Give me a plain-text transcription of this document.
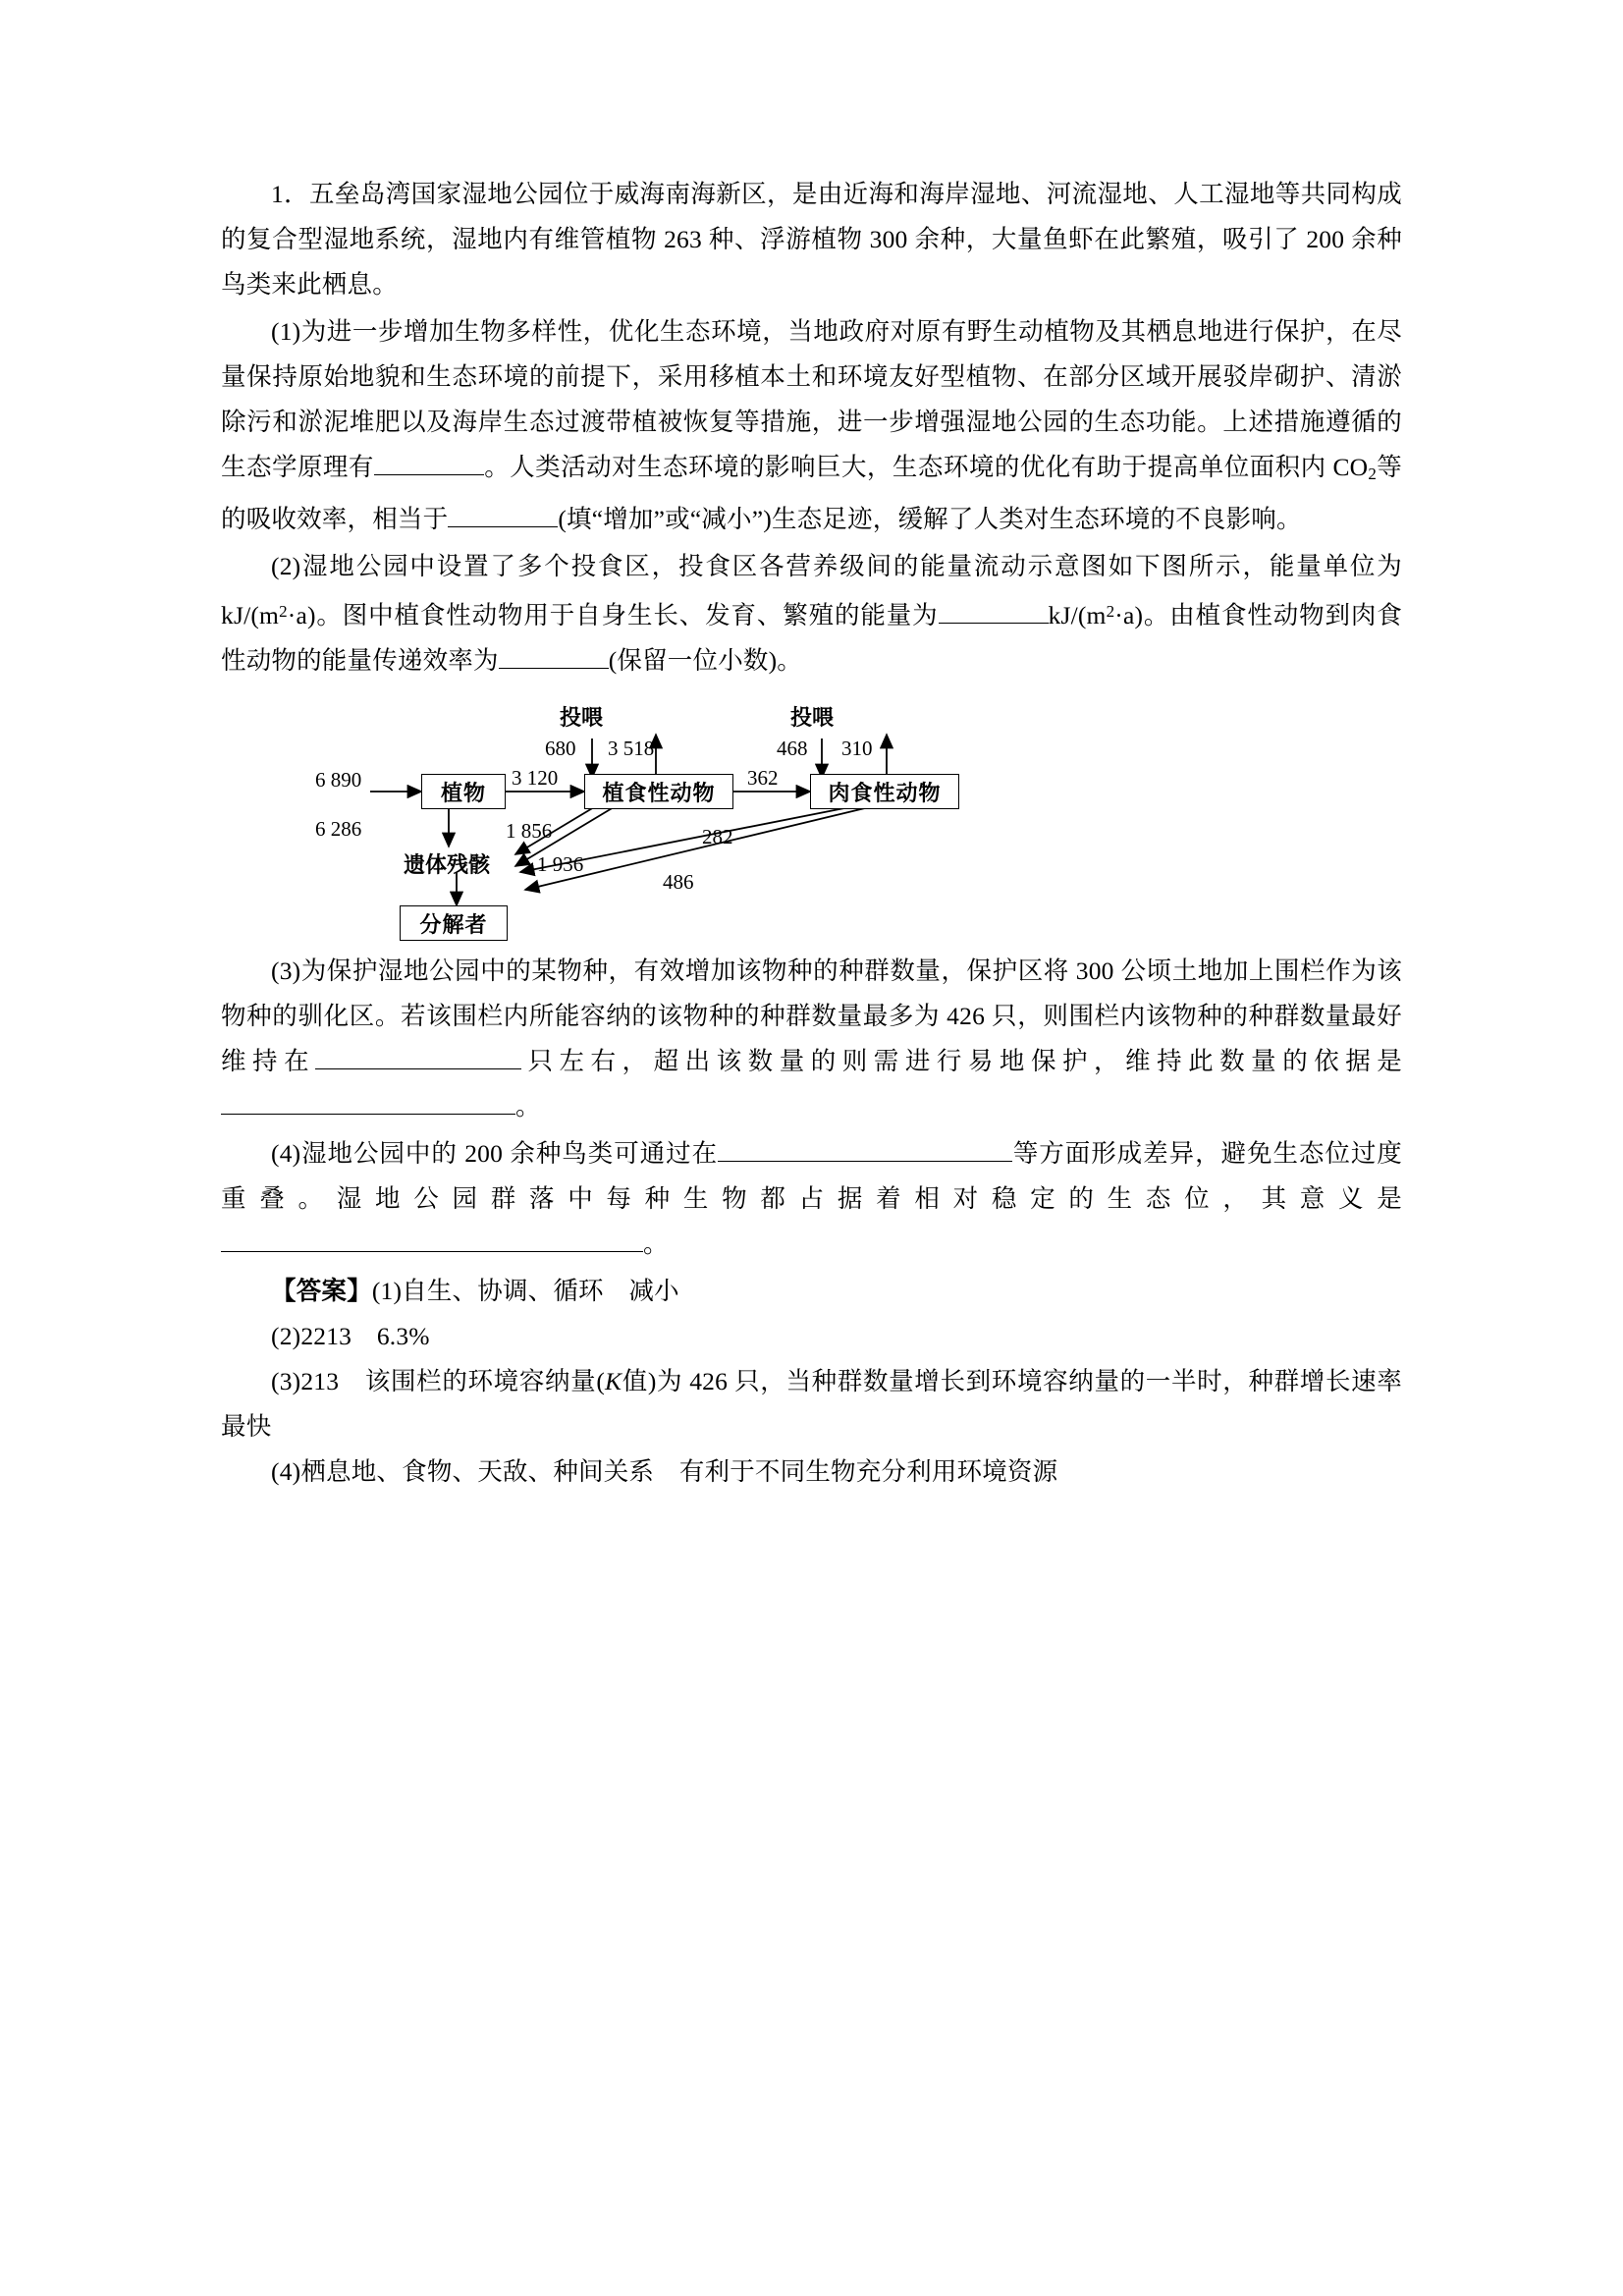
1．五垒岛湾国家湿地公园位于威海南海新区，是由近海和海岸湿地、河流湿地、人工湿地等共同构成的复合型湿地系统，湿地内有维管植物 263 种、浮游植物 300 余种，大量鱼虾在此繁殖，吸引了 200 余种鸟类来此栖息。

(1)为进一步增加生物多样性，优化生态环境，当地政府对原有野生动植物及其栖息地进行保护，在尽量保持原始地貌和生态环境的前提下，采用移植本土和环境友好型植物、在部分区域开展驳岸砌护、清淤除污和淤泥堆肥以及海岸生态过渡带植被恢复等措施，进一步增强湿地公园的生态功能。上述措施遵循的生态学原理有	。人类活动对生态环境的影响巨大，生态环境的优化有助于提高单位面积内 $CO_2$等的吸收效率，相当于	(填“增加”或“减小”)生态足迹，缓解了人类对生态环境的不良影响。

(2)湿地公园中设置了多个投食区，投食区各营养级间的能量流动示意图如下图所示，能量单位为 $kJ/(m^2\cdot a)$。图中植食性动物用于自身生长、发育、繁殖的能量为	$kJ/(m^2\cdot a)$。由植食性动物到肉食性动物的能量传递效率为	(保留一位小数)。

植物	植食性动物	肉食性动物
遗体残骸
分解者
投喂	投喂
6 890	3 120
6 286
680 3 518
362
1 856
1 936
468 310
282
486

(3)为保护湿地公园中的某物种，有效增加该物种的种群数量，保护区将 300 公顷土地加上围栏作为该物种的驯化区。若该围栏内所能容纳的该物种的种群数量最多为 426 只，则围栏内该物种的种群数量最好维持在	只左右，超出该数量的则需进行易地保护，维持此数量的依据是。

(4)湿地公园中的 200 余种鸟类可通过在	等方面形成差异，避免生态位过度重叠。湿地公园群落中每种生物都占据着相对稳定的生态位，其意义是。

【答案】(1)自生、协调、循环　减小

(2)2213　6.3%

(3)213　该围栏的环境容纳量(K值)为 426 只，当种群数量增长到环境容纳量的一半时，种群增长速率最快

(4)栖息地、食物、天敌、种间关系　有利于不同生物充分利用环境资源
